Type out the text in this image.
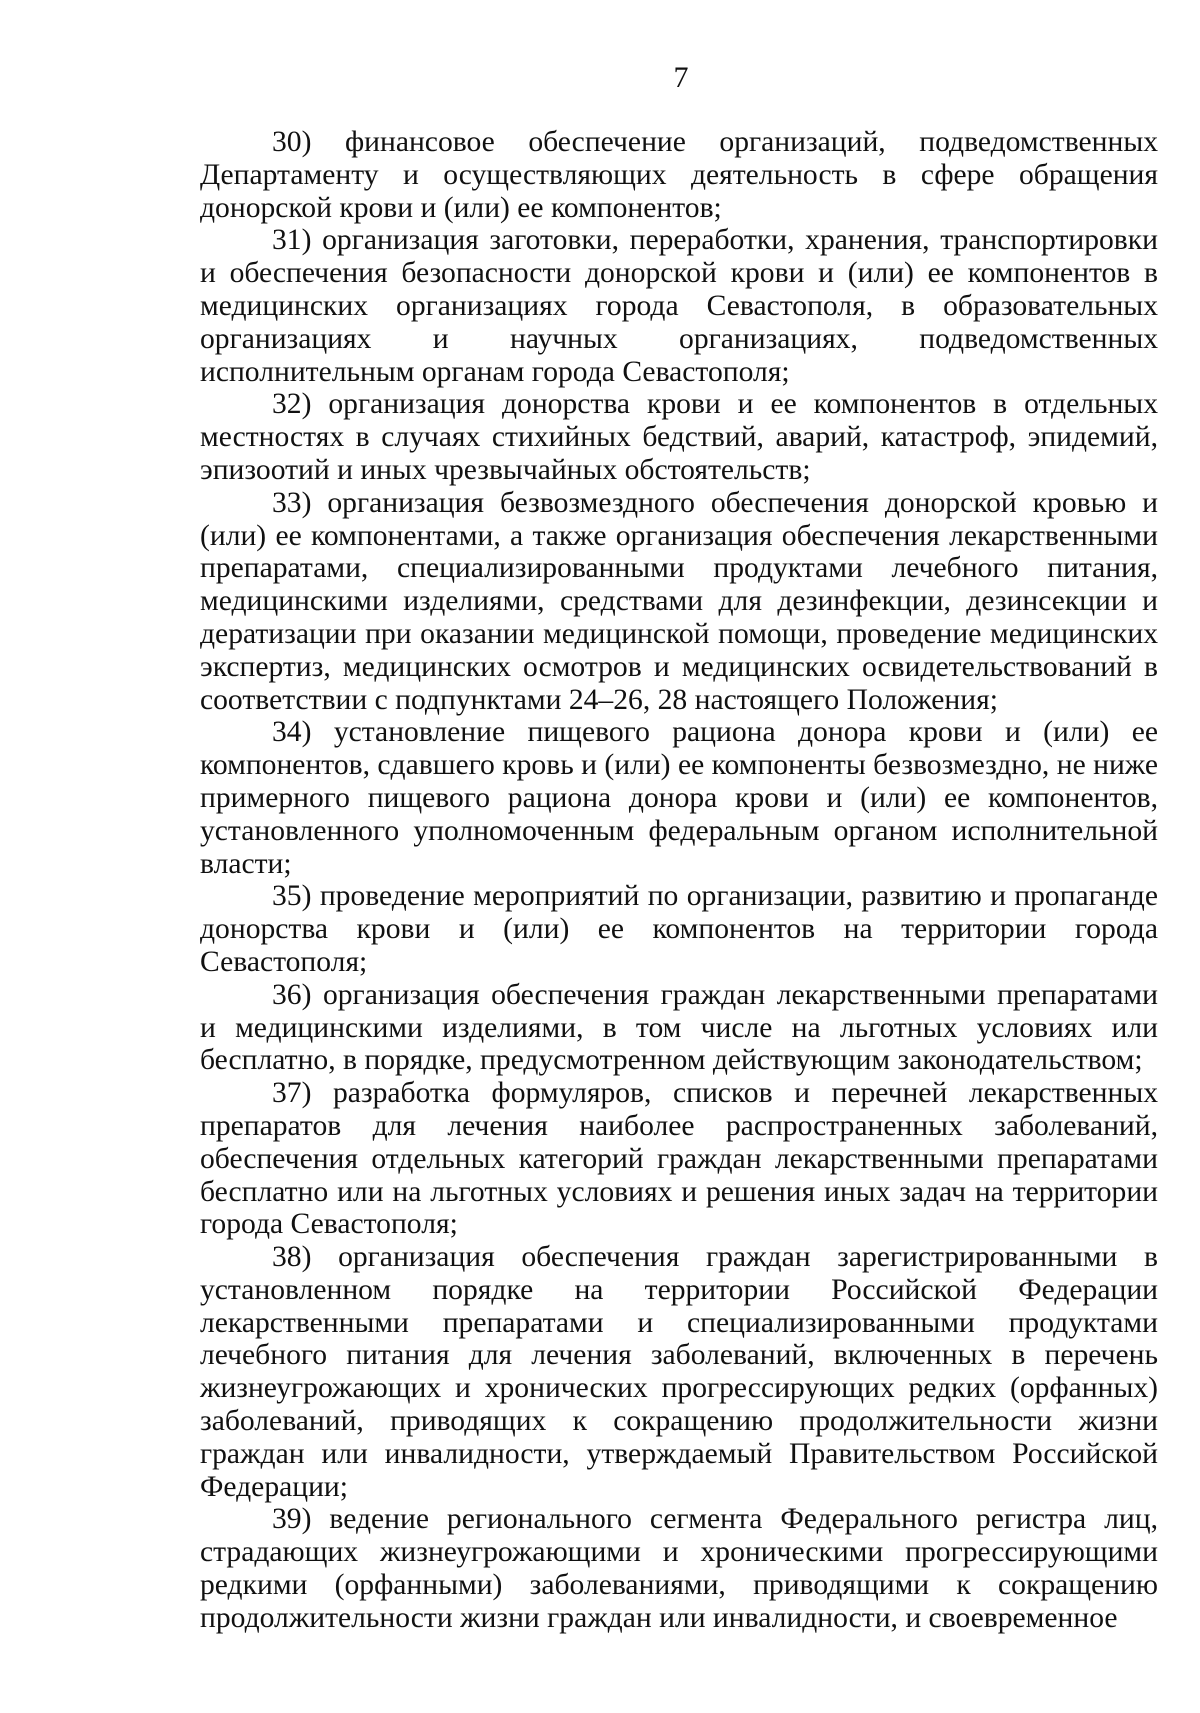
7

30) финансовое обеспечение организаций, подведомственных Департаменту и осуществляющих деятельность в сфере обращения донорской крови и (или) ее компонентов;

31) организация заготовки, переработки, хранения, транспортировки и обеспечения безопасности донорской крови и (или) ее компонентов в медицинских организациях города Севастополя, в образовательных организациях и научных организациях, подведомственных исполнительным органам города Севастополя;

32) организация донорства крови и ее компонентов в отдельных местностях в случаях стихийных бедствий, аварий, катастроф, эпидемий, эпизоотий и иных чрезвычайных обстоятельств;

33) организация безвозмездного обеспечения донорской кровью и (или) ее компонентами, а также организация обеспечения лекарственными препаратами, специализированными продуктами лечебного питания, медицинскими изделиями, средствами для дезинфекции, дезинсекции и дератизации при оказании медицинской помощи, проведение медицинских экспертиз, медицинских осмотров и медицинских освидетельствований в соответствии с подпунктами 24–26, 28 настоящего Положения;

34) установление пищевого рациона донора крови и (или) ее компонентов, сдавшего кровь и (или) ее компоненты безвозмездно, не ниже примерного пищевого рациона донора крови и (или) ее компонентов, установленного уполномоченным федеральным органом исполнительной власти;

35) проведение мероприятий по организации, развитию и пропаганде донорства крови и (или) ее компонентов на территории города Севастополя;

36) организация обеспечения граждан лекарственными препаратами и медицинскими изделиями, в том числе на льготных условиях или бесплатно, в порядке, предусмотренном действующим законодательством;

37) разработка формуляров, списков и перечней лекарственных препаратов для лечения наиболее распространенных заболеваний, обеспечения отдельных категорий граждан лекарственными препаратами бесплатно или на льготных условиях и решения иных задач на территории города Севастополя;

38) организация обеспечения граждан зарегистрированными в установленном порядке на территории Российской Федерации лекарственными препаратами и специализированными продуктами лечебного питания для лечения заболеваний, включенных в перечень жизнеугрожающих и хронических прогрессирующих редких (орфанных) заболеваний, приводящих к сокращению продолжительности жизни граждан или инвалидности, утверждаемый Правительством Российской Федерации;

39) ведение регионального сегмента Федерального регистра лиц, страдающих жизнеугрожающими и хроническими прогрессирующими редкими (орфанными) заболеваниями, приводящими к сокращению продолжительности жизни граждан или инвалидности, и своевременное
